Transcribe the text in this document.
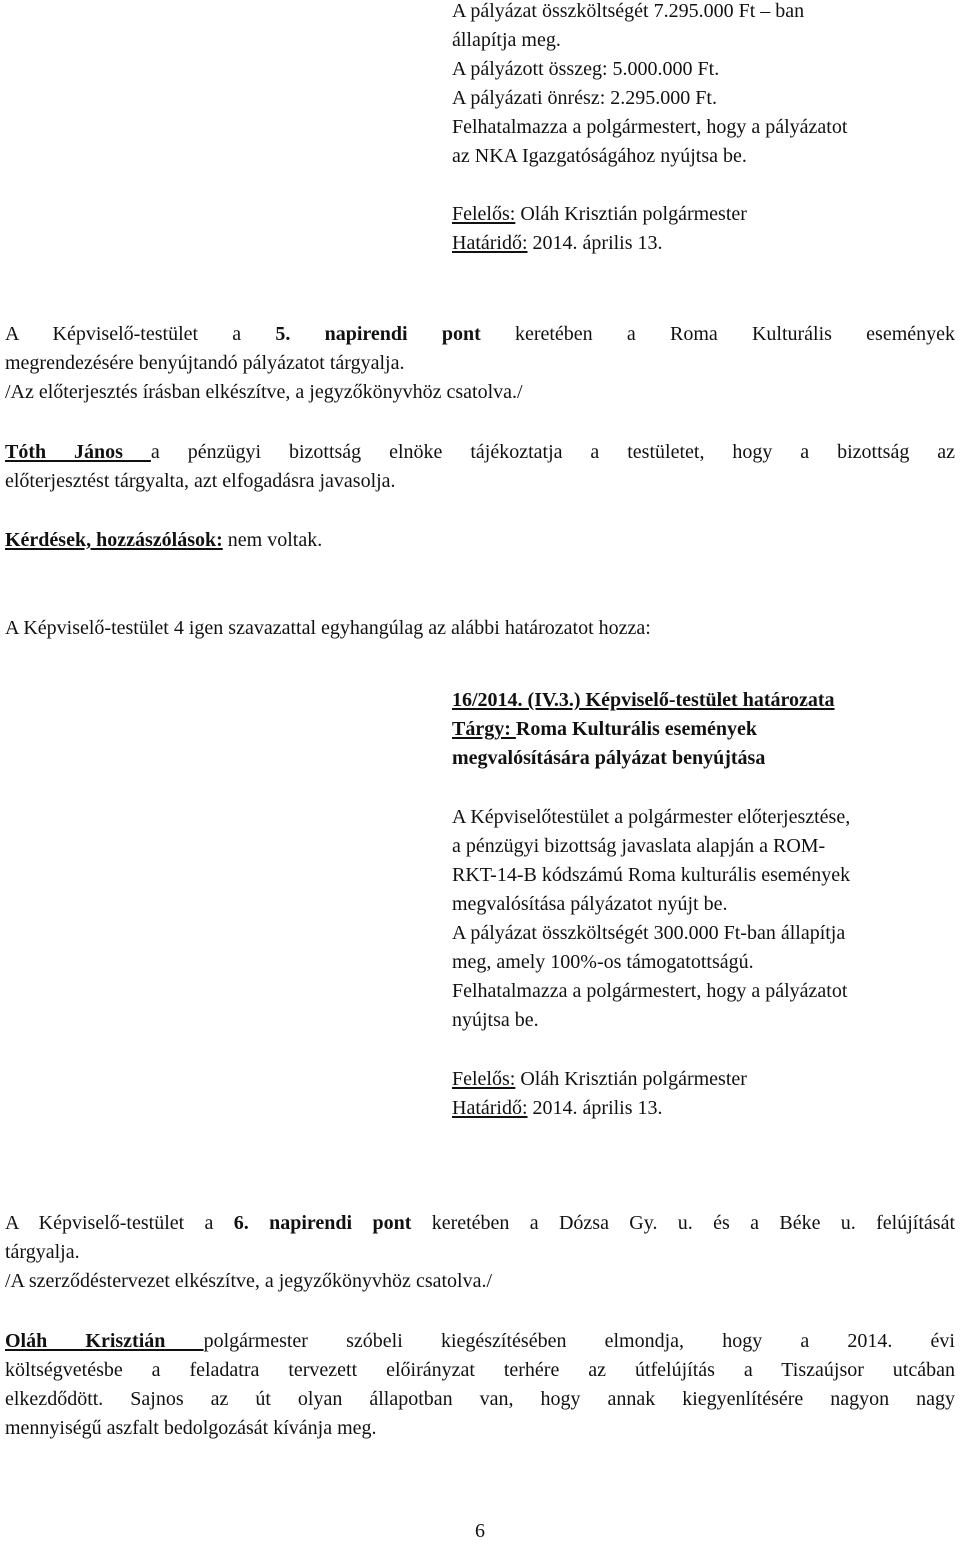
A pályázat összköltségét 7.295.000 Ft – ban
állapítja meg.
A pályázott összeg: 5.000.000 Ft.
A pályázati önrész: 2.295.000 Ft.
Felhatalmazza a polgármestert, hogy a pályázatot
az NKA Igazgatóságához nyújtsa be.
Felelős: Oláh Krisztián polgármester
Határidő: 2014. április 13.
A Képviselő-testület a 5. napirendi pont keretében a Roma Kulturális események
megrendezésére benyújtandó pályázatot tárgyalja.
/Az előterjesztés írásban elkészítve, a jegyzőkönyvhöz csatolva./
Tóth János a pénzügyi bizottság elnöke tájékoztatja a testületet, hogy a bizottság az
előterjesztést tárgyalta, azt elfogadásra javasolja.
Kérdések, hozzászólások: nem voltak.
A Képviselő-testület 4 igen szavazattal egyhangúlag az alábbi határozatot hozza:
16/2014. (IV.3.) Képviselő-testület határozata
Tárgy: Roma Kulturális események
megvalósítására pályázat benyújtása
A Képviselőtestület a polgármester előterjesztése,
a pénzügyi bizottság javaslata alapján a ROM-
RKT-14-B kódszámú Roma kulturális események
megvalósítása pályázatot nyújt be.
A pályázat összköltségét 300.000 Ft-ban állapítja
meg, amely 100%-os támogatottságú.
Felhatalmazza a polgármestert, hogy a pályázatot
nyújtsa be.
Felelős: Oláh Krisztián polgármester
Határidő: 2014. április 13.
A Képviselő-testület a 6. napirendi pont keretében a Dózsa Gy. u. és a Béke u. felújítását
tárgyalja.
/A szerződéstervezet elkészítve, a jegyzőkönyvhöz csatolva./
Oláh Krisztián polgármester szóbeli kiegészítésében elmondja, hogy a 2014. évi
költségvetésbe a feladatra tervezett előirányzat terhére az útfelújítás a Tiszaújsor utcában
elkezdődött. Sajnos az út olyan állapotban van, hogy annak kiegyenlítésére nagyon nagy
mennyiségű aszfalt bedolgozását kívánja meg.
6
